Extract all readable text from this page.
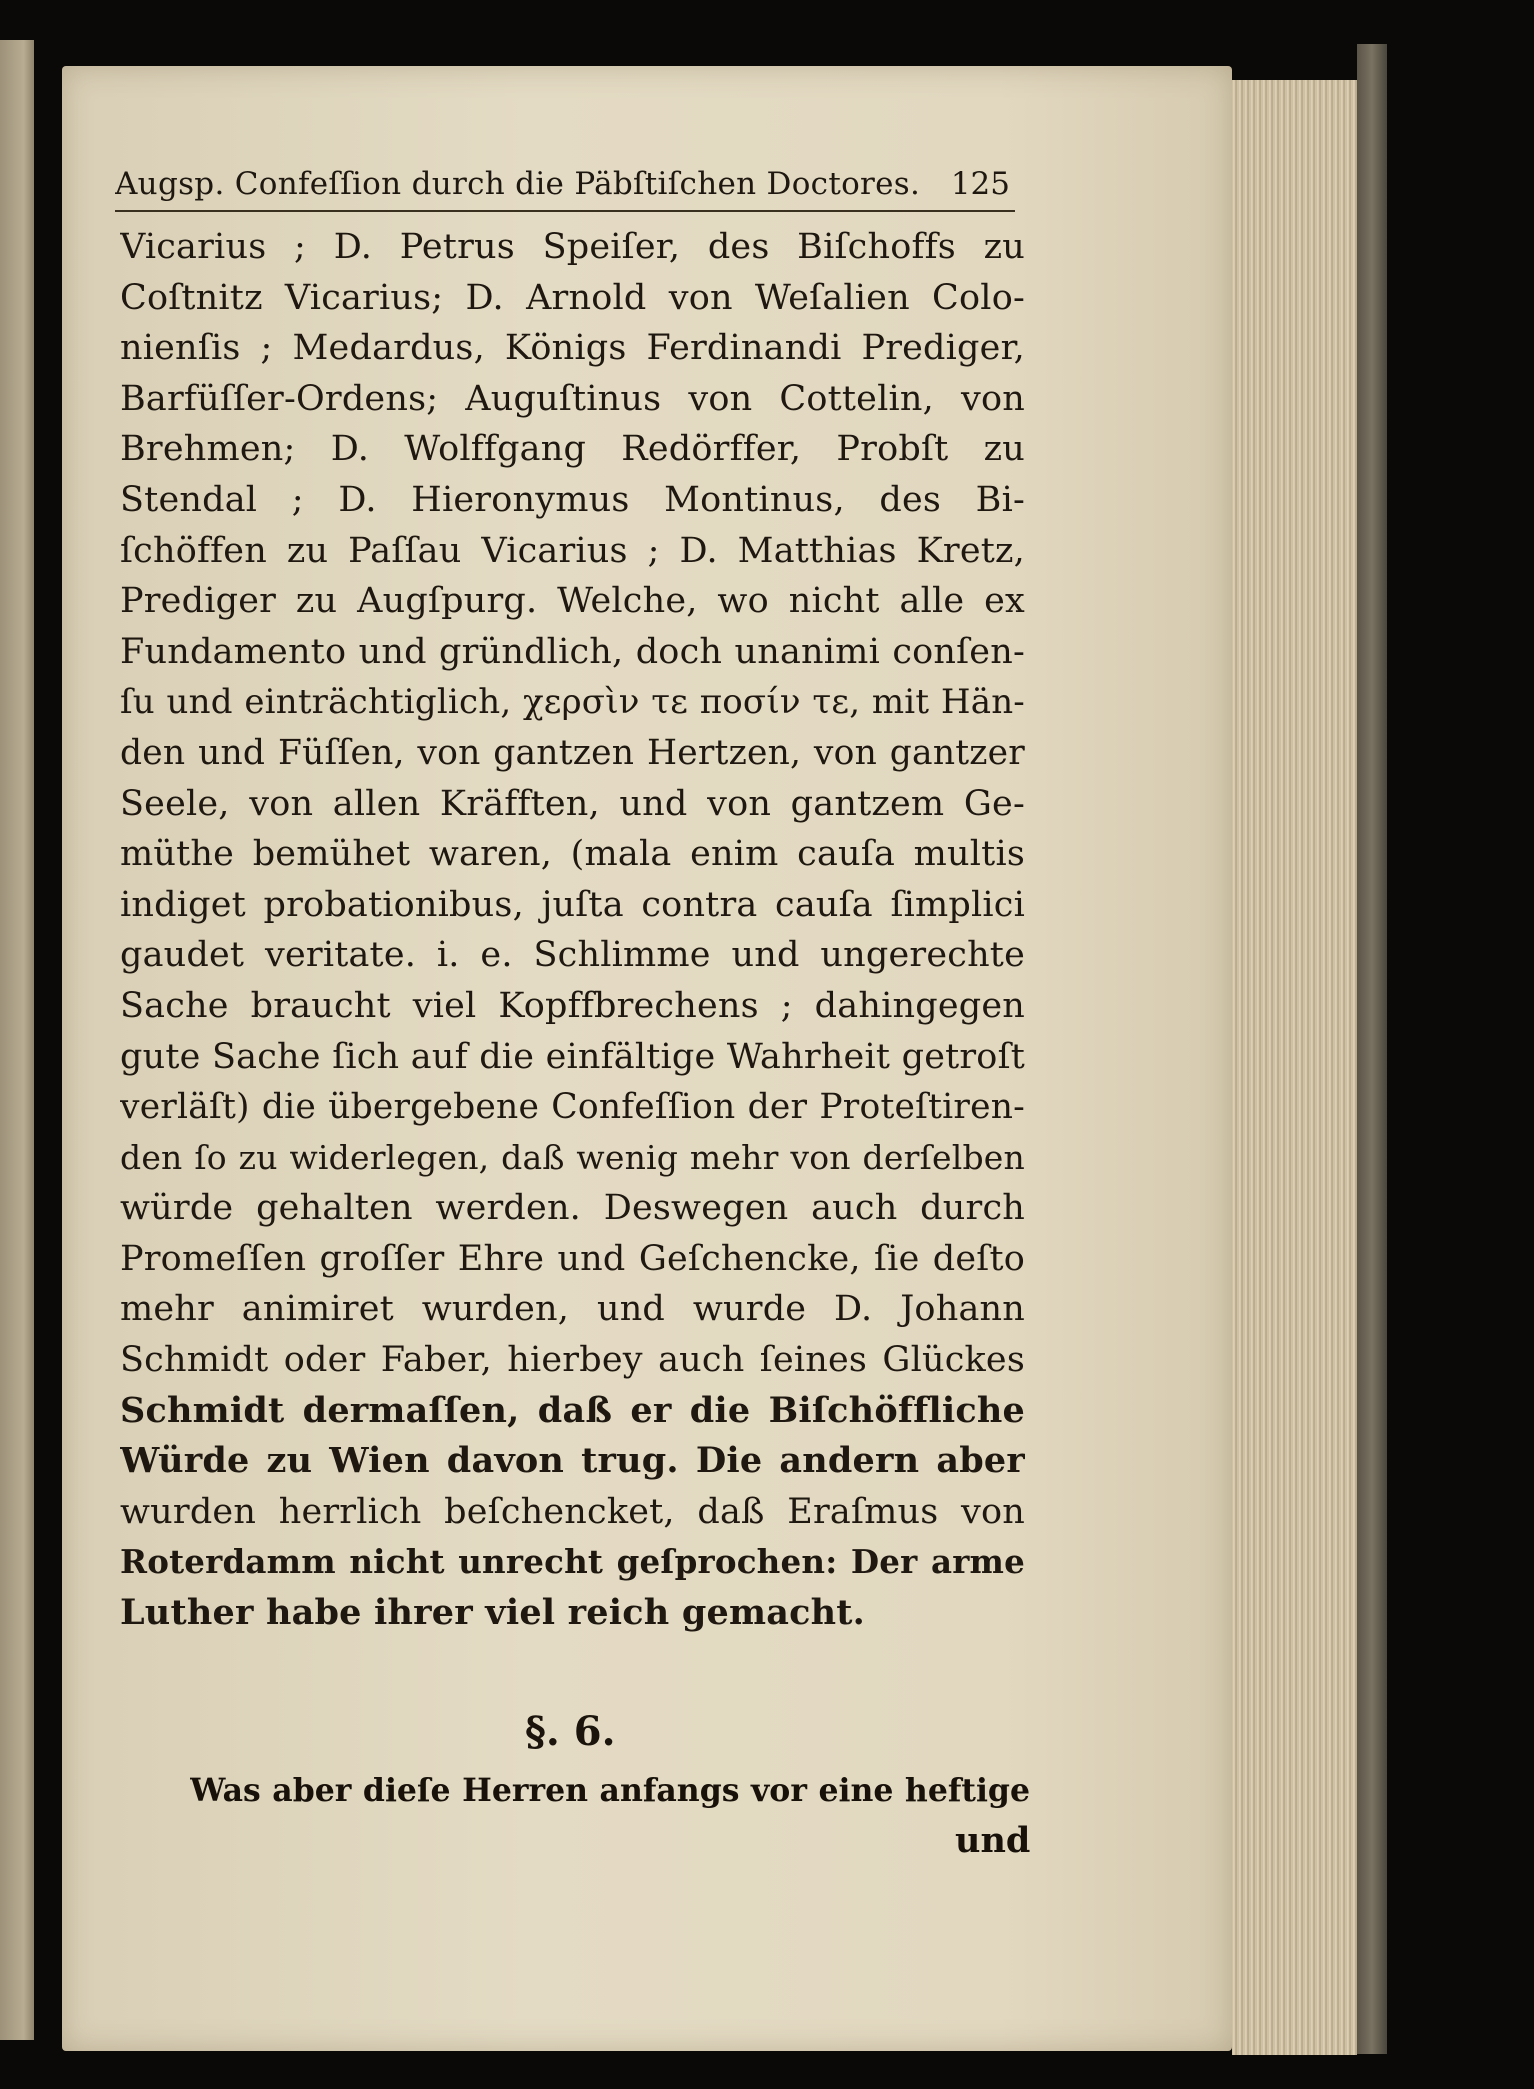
Augsp. Confeſſion durch die Päbſtiſchen Doctores. 125
Vicarius ; D. Petrus Speiſer, des Biſchoffs zu
Coſtnitz Vicarius; D. Arnold von Weſalien Colo-
nienſis ; Medardus, Königs Ferdinandi Prediger,
Barfüſſer-Ordens; Auguſtinus von Cottelin, von
Brehmen; D. Wolffgang Redörffer, Probſt zu
Stendal ; D. Hieronymus Montinus, des Bi-
ſchöffen zu Paſſau Vicarius ; D. Matthias Kretz,
Prediger zu Augſpurg. Welche, wo nicht alle ex
Fundamento und gründlich, doch unanimi conſen-
ſu und einträchtiglich, χερσὶν τε ποσίν τε, mit Hän-
den und Füſſen, von gantzen Hertzen, von gantzer
Seele, von allen Kräfften, und von gantzem Ge-
müthe bemühet waren, (mala enim cauſa multis
indiget probationibus, juſta contra cauſa ſimplici
gaudet veritate. i. e. Schlimme und ungerechte
Sache braucht viel Kopffbrechens ; dahingegen
gute Sache ſich auf die einfältige Wahrheit getroſt
verläſt) die übergebene Confeſſion der Proteſtiren-
den ſo zu widerlegen, daß wenig mehr von derſelben
würde gehalten werden. Deswegen auch durch
Promeſſen groſſer Ehre und Geſchencke, ſie deſto
mehr animiret wurden, und wurde D. Johann
Schmidt oder Faber, hierbey auch ſeines Glückes
Schmidt dermaſſen, daß er die Biſchöffliche
Würde zu Wien davon trug. Die andern aber
wurden herrlich beſchencket, daß Eraſmus von
Roterdamm nicht unrecht geſprochen: Der arme
Luther habe ihrer viel reich gemacht.
§. 6.
Was aber dieſe Herren anfangs vor eine heftige
und
